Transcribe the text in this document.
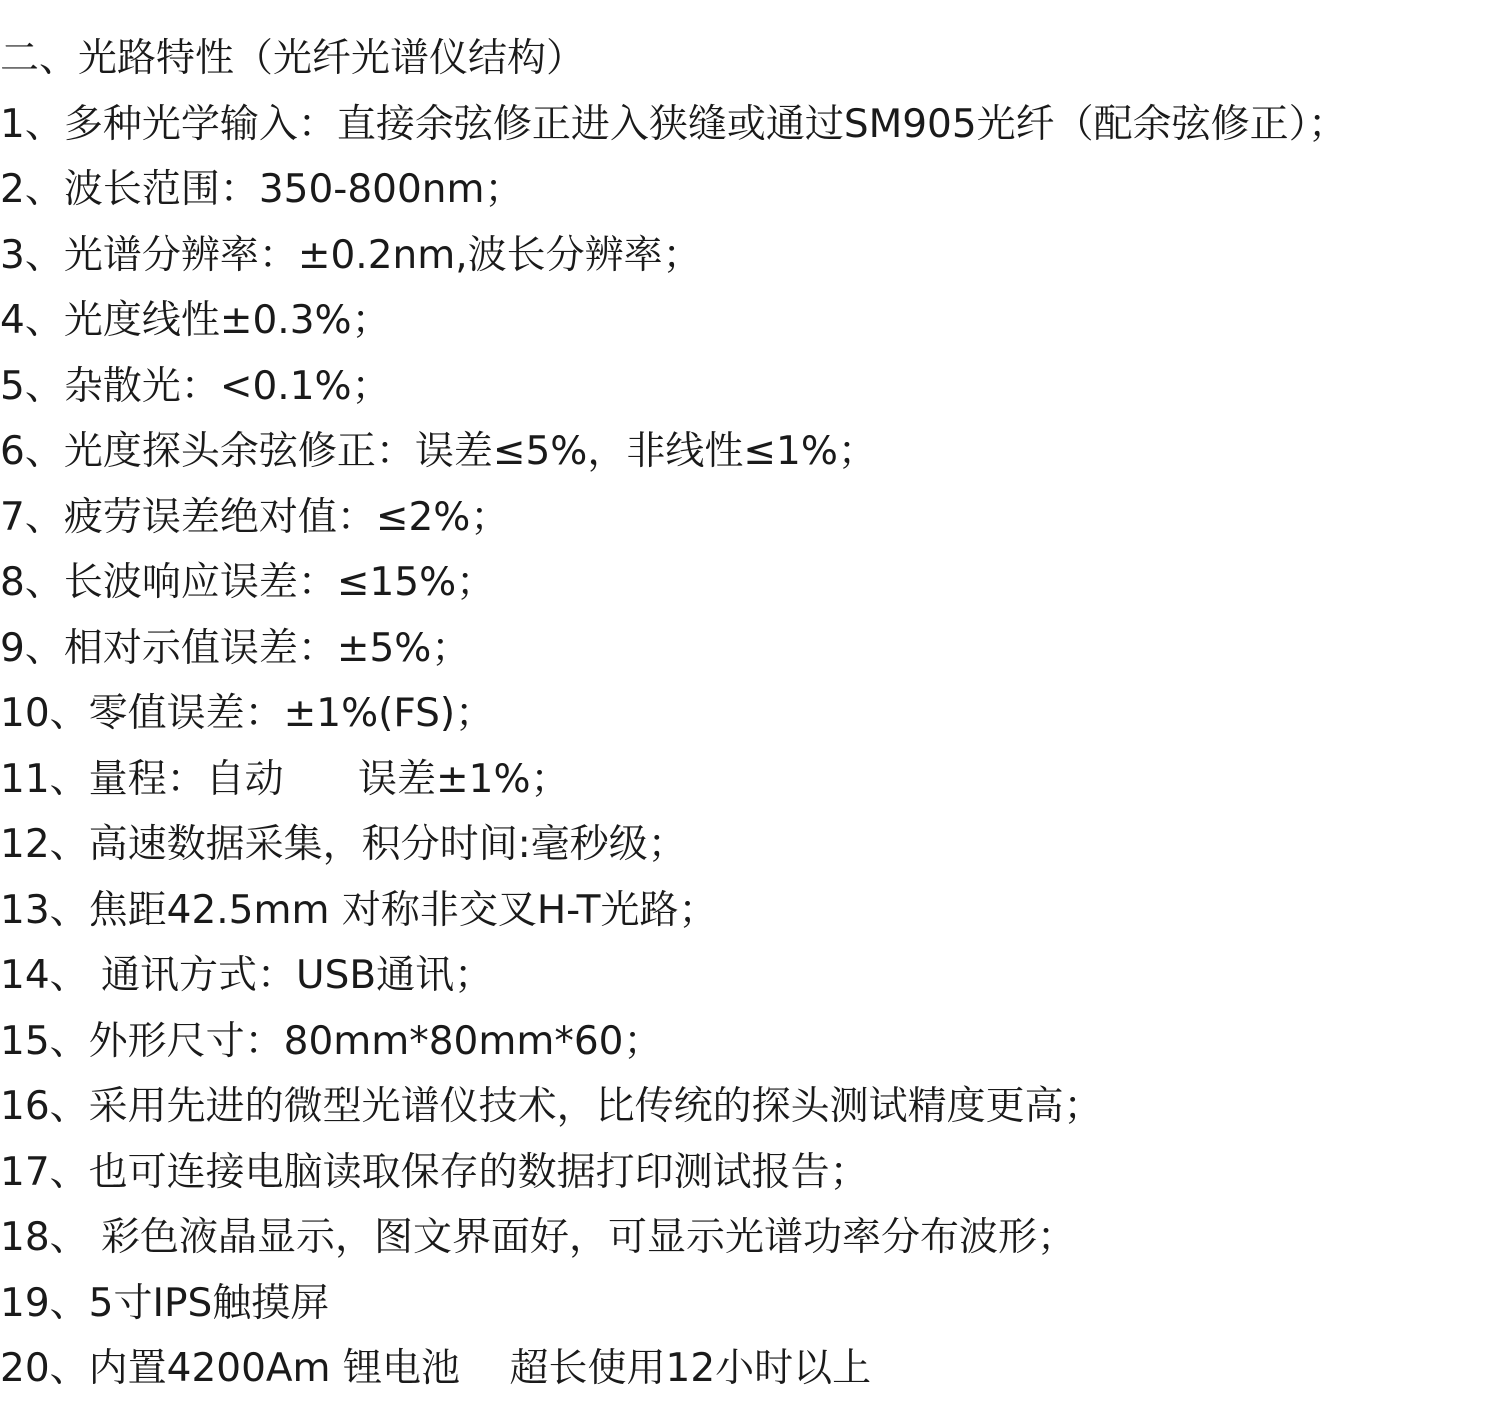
二、光路特性（光纤光谱仪结构）
1、多种光学输入：直接余弦修正进入狭缝或通过SM905光纤（配余弦修正）；
2、波长范围：350-800nm；
3、光谱分辨率：±0.2nm,波长分辨率；
4、光度线性±0.3%；
5、杂散光：<0.1%；
6、光度探头余弦修正：误差≤5%，非线性≤1%；
7、疲劳误差绝对值：≤2%；
8、长波响应误差：≤15%；
9、相对示值误差：±5%；
10、零值误差：±1%(FS)；
11、量程：自动      误差±1%；
12、高速数据采集，积分时间:毫秒级；
13、焦距42.5mm 对称非交叉H-T光路；
14、 通讯方式：USB通讯；
15、外形尺寸：80mm*80mm*60；
16、采用先进的微型光谱仪技术，比传统的探头测试精度更高；
17、也可连接电脑读取保存的数据打印测试报告；
18、 彩色液晶显示，图文界面好，可显示光谱功率分布波形；
19、5寸IPS触摸屏
20、内置4200Am 锂电池    超长使用12小时以上
